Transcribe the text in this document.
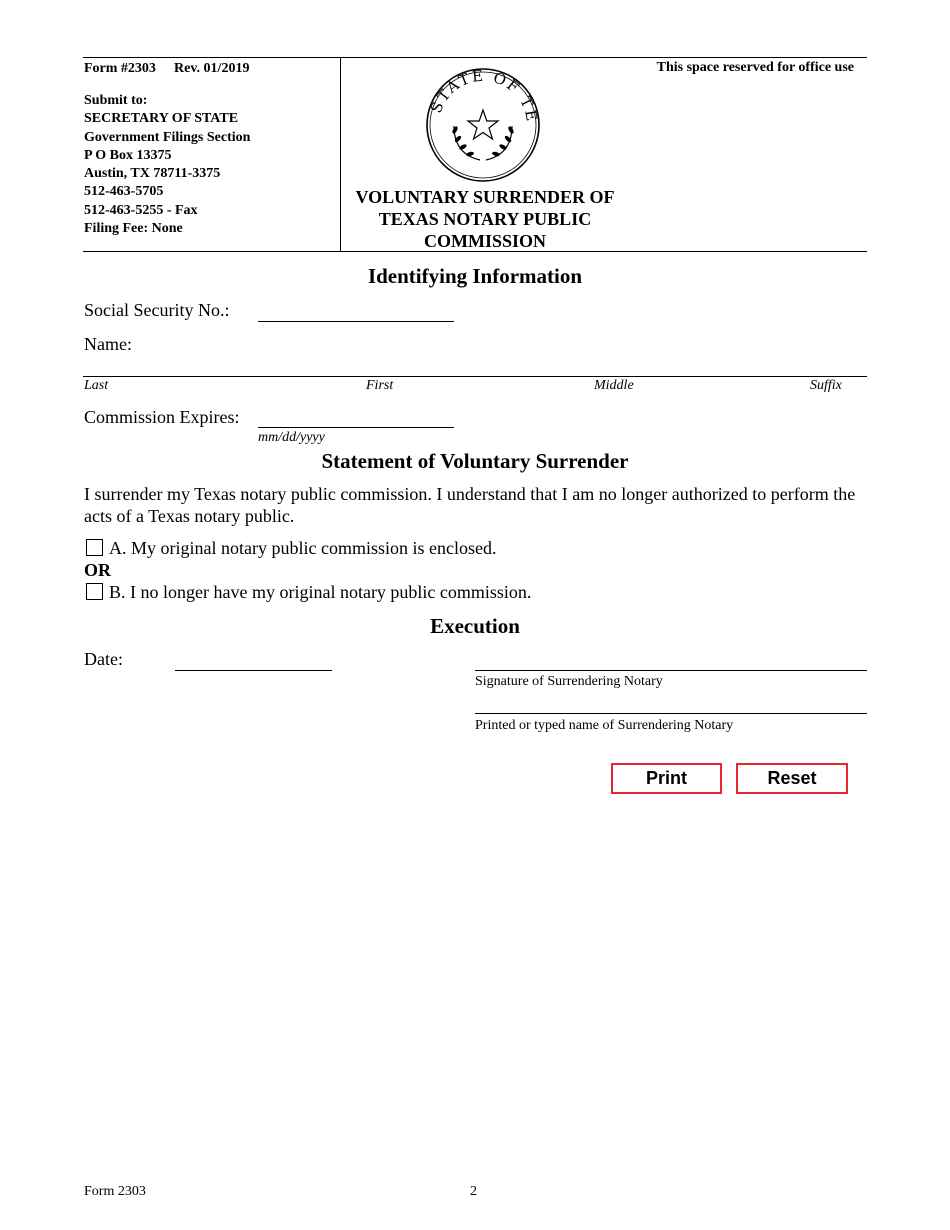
Form #2303 Rev. 01/2019
Submit to:
SECRETARY OF STATE
Government Filings Section
P O Box 13375
Austin, TX 78711-3375
512-463-5705
512-463-5255 - Fax
Filing Fee: None
STATE OF TE
VOLUNTARY SURRENDER OF
TEXAS NOTARY PUBLIC
COMMISSION
This space reserved for office use
Identifying Information
Social Security No.:
Name:
Last	First	Middle	Suffix
Commission Expires:
mm/dd/yyyy
Statement of Voluntary Surrender
I surrender my Texas notary public commission. I understand that I am no longer authorized to perform the acts of a Texas notary public.
A. My original notary public commission is enclosed.
OR
B. I no longer have my original notary public commission.
Execution
Date:
Signature of Surrendering Notary
Printed or typed name of Surrendering Notary
Print	Reset
Form 2303	2
